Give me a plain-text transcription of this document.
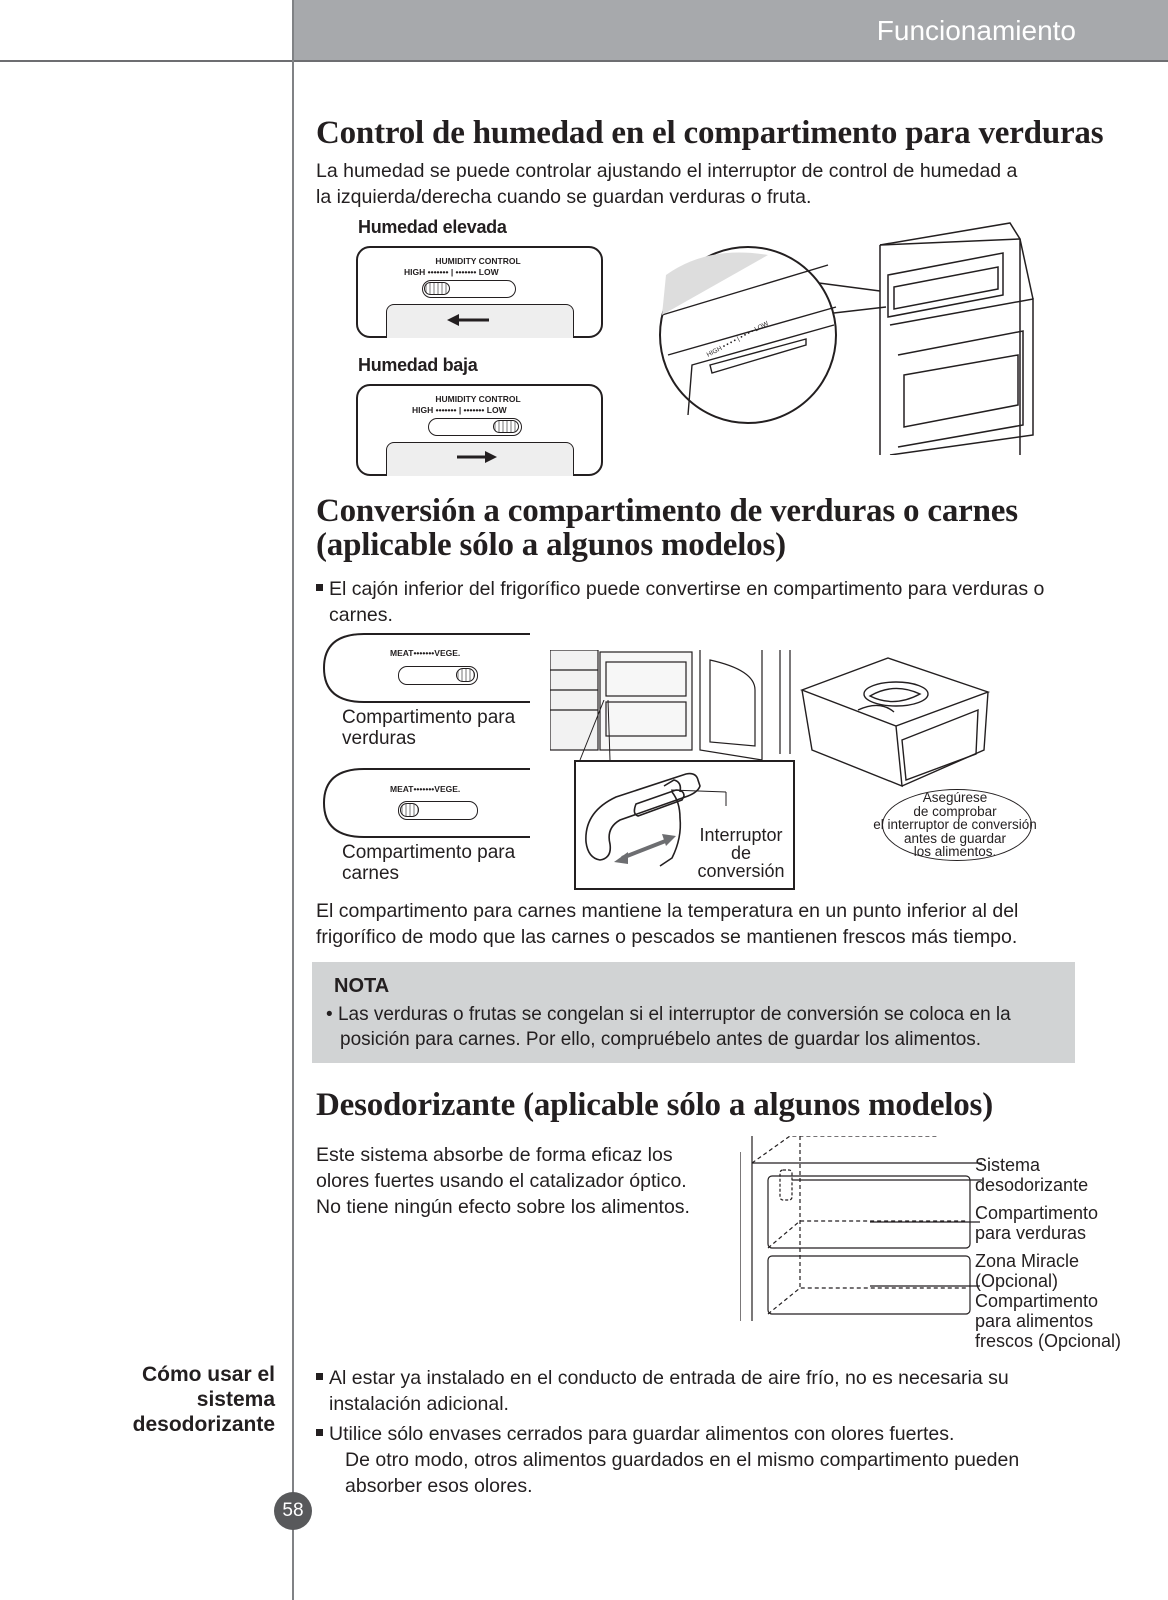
Funcionamiento
Control de humedad en el compartimento para verduras
La humedad se puede controlar ajustando el interruptor de control de humedad a
la izquierda/derecha cuando se guardan verduras o fruta.
Humedad elevada
HUMIDITY CONTROL
HIGH ••••••• | ••••••• LOW
Humedad baja
HUMIDITY CONTROL
HIGH ••••••• | ••••••• LOW
HIGH • • • • | • • • • LOW
Conversión a compartimento de verduras o carnes
(aplicable sólo a algunos modelos)
El cajón inferior del frigorífico puede convertirse en compartimento para verduras o
carnes.
MEAT•••••••VEGE.
Compartimento para
verduras
MEAT•••••••VEGE.
Compartimento para
carnes
Interruptor
de
conversión
Asegúrese
de comprobar
el interruptor de conversión
antes de guardar
los alimentos.
El compartimento para carnes mantiene la temperatura en un punto inferior al del
frigorífico de modo que las carnes o pescados se mantienen frescos más tiempo.
NOTA
• Las verduras o frutas se congelan si el interruptor de conversión se coloca en la
posición para carnes. Por ello, compruébelo antes de guardar los alimentos.
Desodorizante (aplicable sólo a algunos modelos)
Este sistema absorbe de forma eficaz los
olores fuertes usando el catalizador óptico.
No tiene ningún efecto sobre los alimentos.
Sistema
desodorizante
Compartimento
para verduras
Zona Miracle
(Opcional)
Compartimento
para alimentos
frescos (Opcional)
Cómo usar el
sistema
desodorizante
Al estar ya instalado en el conducto de entrada de aire frío, no es necesaria su
instalación adicional.
Utilice sólo envases cerrados para guardar alimentos con olores fuertes.
De otro modo, otros alimentos guardados en el mismo compartimento pueden
absorber esos olores.
58
